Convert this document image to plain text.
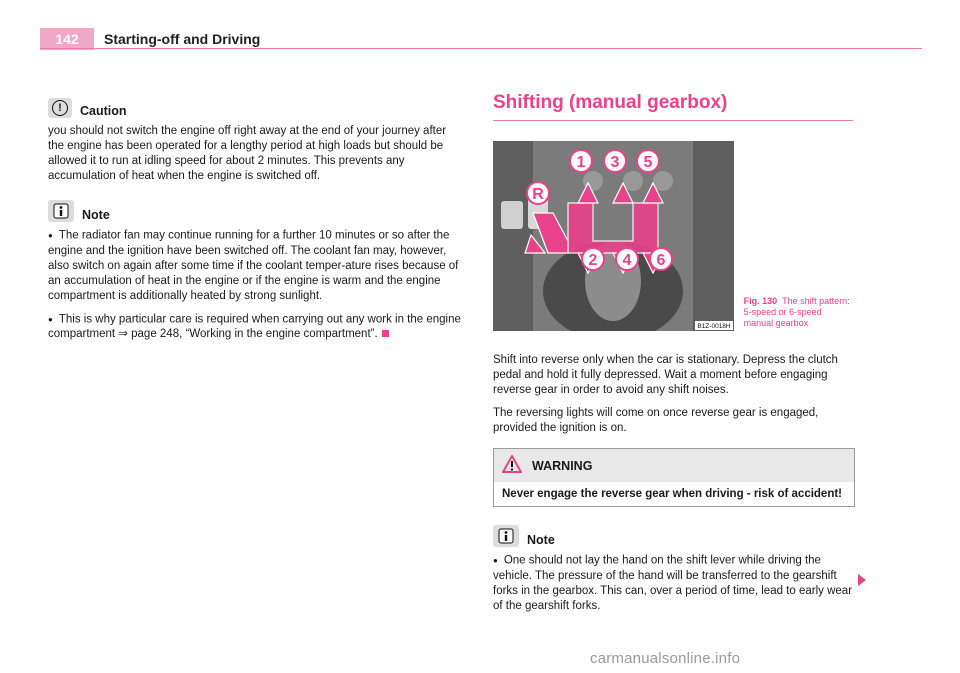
142	Starting-off and Driving
!	Caution

you should not switch the engine off right away at the end of your journey after the engine has been operated for a lengthy period at high loads but should be allowed it to run at idling speed for about 2 minutes. This prevents any accumulation of heat when the engine is switched off.

Note

● The radiator fan may continue running for a further 10 minutes or so after the engine and the ignition have been switched off. The coolant fan may, however, also switch on again after some time if the coolant temper-ature rises because of an accumulation of heat in the engine or if the engine is warm and the engine compartment is additionally heated by strong sunlight.

● This is why particular care is required when carrying out any work in the engine compartment ⇒ page 248, “Working in the engine compartment”.

Shifting (manual gearbox)
1 3 5
R
2 4 6
B1Z-0018H
Fig. 130 The shift pattern: 5-speed or 6-speed manual gearbox

Shift into reverse only when the car is stationary. Depress the clutch pedal and hold it fully depressed. Wait a moment before engaging reverse gear in order to avoid any shift noises.

The reversing lights will come on once reverse gear is engaged, provided the ignition is on.

WARNING
Never engage the reverse gear when driving - risk of accident!
Note

● One should not lay the hand on the shift lever while driving the vehicle. The pressure of the hand will be transferred to the gearshift forks in the gearbox. This can, over a period of time, lead to early wear of the gearshift forks.

carmanualsonline.info
